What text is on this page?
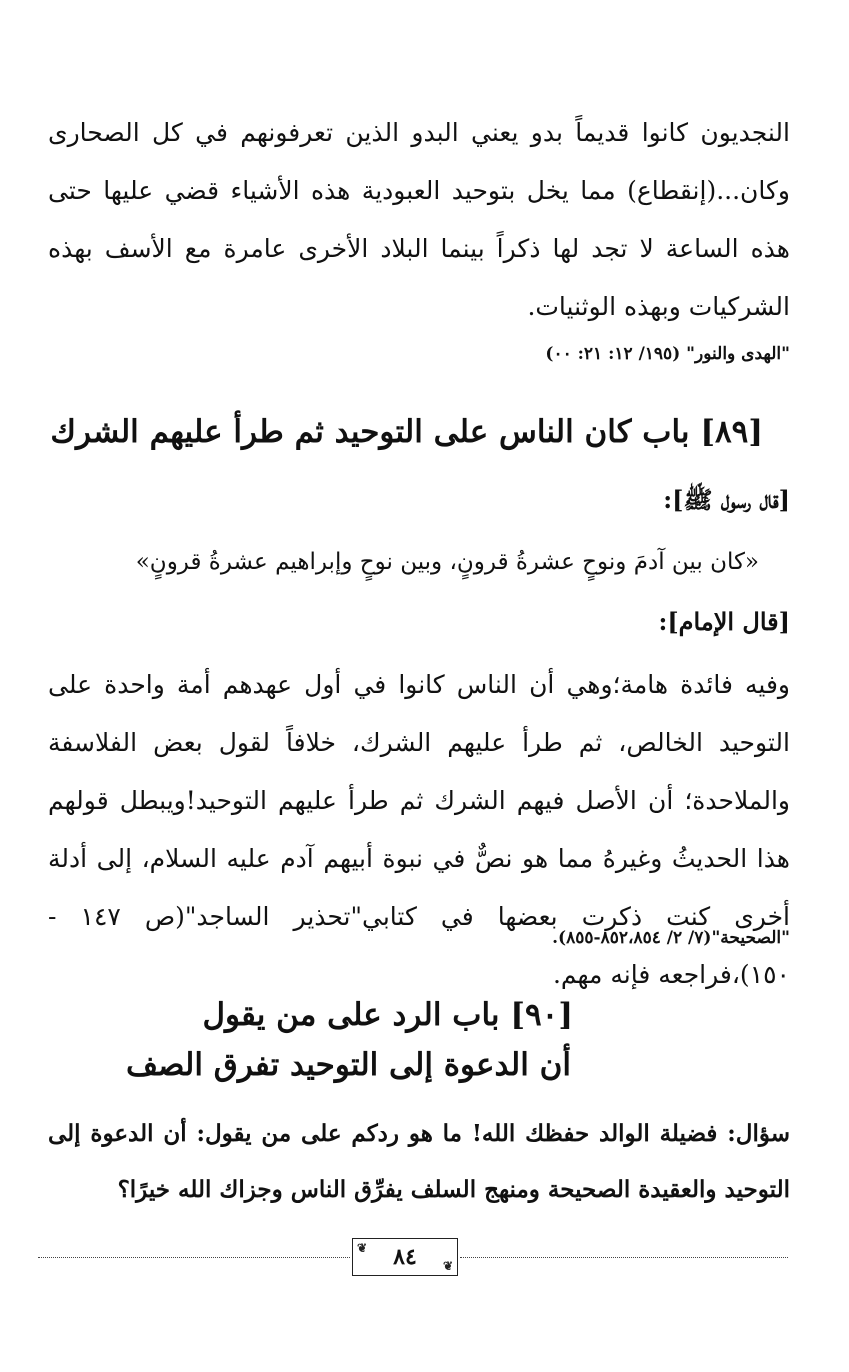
النجديون كانوا قديماً بدو يعني البدو الذين تعرفونهم في كل الصحارى وكان...(إنقطاع) مما يخل بتوحيد العبودية هذه الأشياء قضي عليها حتى هذه الساعة لا تجد لها ذكراً بينما البلاد الأخرى عامرة مع الأسف بهذه الشركيات وبهذه الوثنيات.

"الهدى والنور" (١٩٥/ ١٢: ٢١: ٠٠)

[٨٩] باب كان الناس على التوحيد ثم طرأ عليهم الشرك
[قال رسول ﷺ]:
«كان بين آدمَ ونوحٍ عشرةُ قرونٍ، وبين نوحٍ وإبراهيم عشرةُ قرونٍ»
[قال الإمام]:

وفيه فائدة هامة؛وهي أن الناس كانوا في أول عهدهم أمة واحدة على التوحيد الخالص، ثم طرأ عليهم الشرك، خلافاً لقول بعض الفلاسفة والملاحدة؛ أن الأصل فيهم الشرك ثم طرأ عليهم التوحيد!ويبطل قولهم هذا الحديثُ وغيرهُ مما هو نصٌّ في نبوة أبيهم آدم عليه السلام، إلى أدلة أخرى كنت ذكرت بعضها في كتابي"تحذير الساجد"(ص ١٤٧ - ١٥٠)،فراجعه فإنه مهم.

"الصحيحة"(٧/ ٢/ ٨٥٢،٨٥٤-٨٥٥).

[٩٠] باب الرد على من يقول
أن الدعوة إلى التوحيد تفرق الصف

سؤال: فضيلة الوالد حفظك الله! ما هو ردكم على من يقول: أن الدعوة إلى التوحيد والعقيدة الصحيحة ومنهج السلف يفرِّق الناس وجزاك الله خيرًا؟

❦
❦
٨٤
